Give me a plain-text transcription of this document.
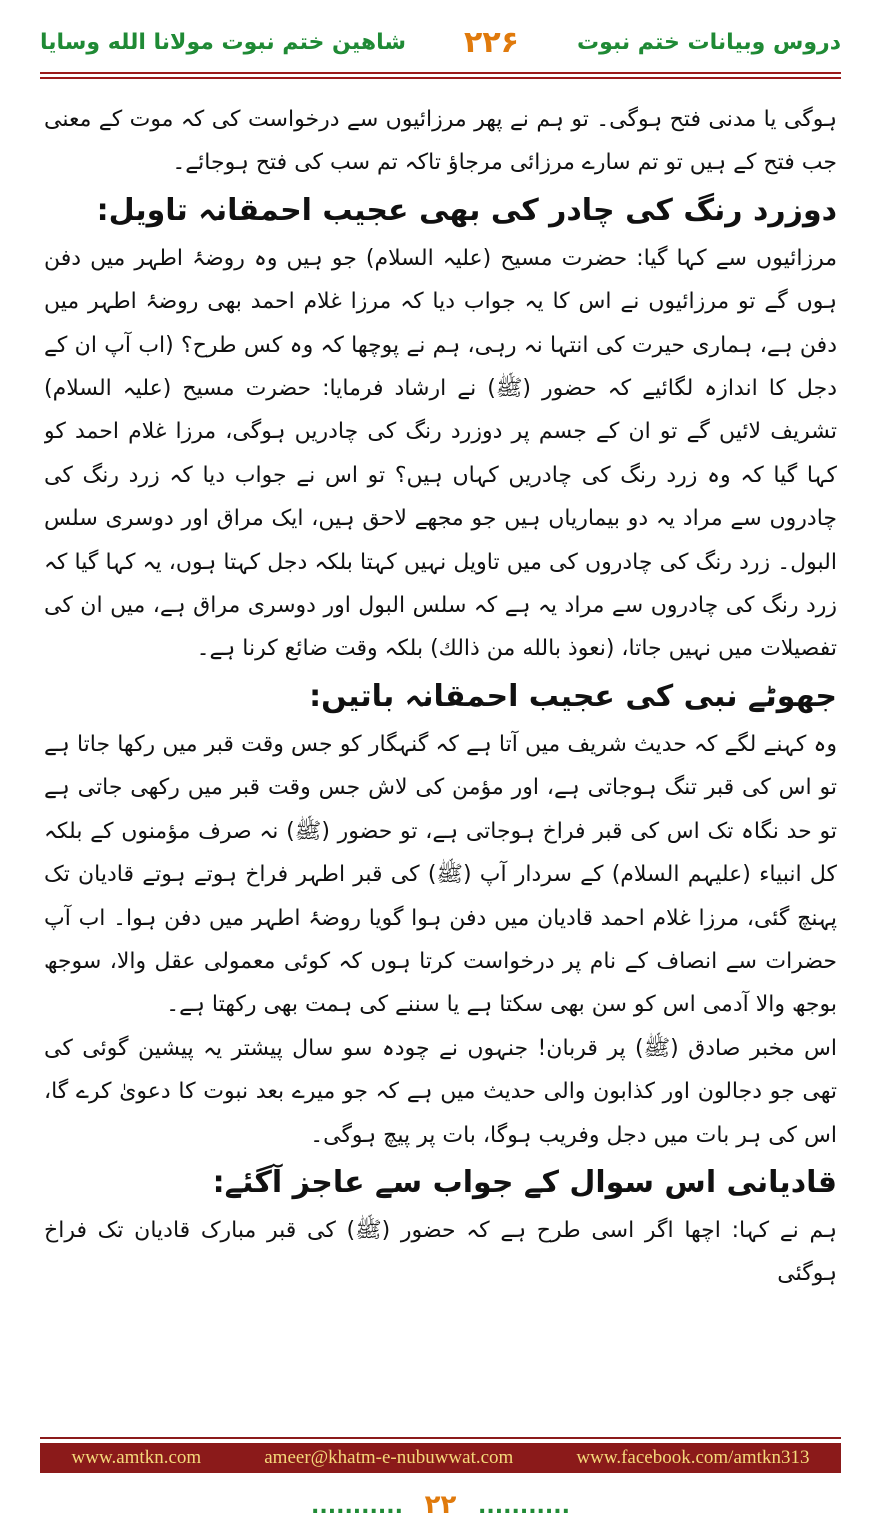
شاهین ختم نبوت مولانا الله وسایا ۲۲۶	دروس وبیانات ختم نبوت

ہوگی یا مدنی فتح ہوگی۔ تو ہم نے پھر مرزائیوں سے درخواست کی کہ موت کے معنی جب فتح کے ہیں تو تم سارے مرزائی مرجاؤ تاکہ تم سب کی فتح ہوجائے۔

دوزرد رنگ کی چادر کی بھی عجیب احمقانہ تاویل:

مرزائیوں سے کہا گیا: حضرت مسیح (علیہ السلام) جو ہیں وہ روضۂ اطہر میں دفن ہوں گے تو مرزائیوں نے اس کا یہ جواب دیا کہ مرزا غلام احمد بھی روضۂ اطہر میں دفن ہے، ہماری حیرت کی انتہا نہ رہی، ہم نے پوچھا کہ وہ کس طرح؟ (اب آپ ان کے دجل کا اندازہ لگائیے کہ حضور (ﷺ) نے ارشاد فرمایا: حضرت مسیح (علیہ السلام) تشریف لائیں گے تو ان کے جسم پر دوزرد رنگ کی چادریں ہوگی، مرزا غلام احمد کو کہا گیا کہ وہ زرد رنگ کی چادریں کہاں ہیں؟ تو اس نے جواب دیا کہ زرد رنگ کی چادروں سے مراد یہ دو بیماریاں ہیں جو مجھے لاحق ہیں، ایک مراق اور دوسری سلس البول۔ زرد رنگ کی چادروں کی میں تاویل نہیں کہتا بلکہ دجل کہتا ہوں، یہ کہا گیا کہ زرد رنگ کی چادروں سے مراد یہ ہے کہ سلس البول اور دوسری مراق ہے، میں ان کی تفصیلات میں نہیں جاتا، (نعوذ بالله من ذالك) بلکہ وقت ضائع کرنا ہے۔

جھوٹے نبی کی عجیب احمقانہ باتیں:

وہ کہنے لگے کہ حدیث شریف میں آتا ہے کہ گنہگار کو جس وقت قبر میں رکھا جاتا ہے تو اس کی قبر تنگ ہوجاتی ہے، اور مؤمن کی لاش جس وقت قبر میں رکھی جاتی ہے تو حد نگاہ تک اس کی قبر فراخ ہوجاتی ہے، تو حضور (ﷺ) نہ صرف مؤمنوں کے بلکہ کل انبیاء (علیہم السلام) کے سردار آپ (ﷺ) کی قبر اطہر فراخ ہوتے ہوتے قادیان تک پہنچ گئی، مرزا غلام احمد قادیان میں دفن ہوا گویا روضۂ اطہر میں دفن ہوا۔ اب آپ حضرات سے انصاف کے نام پر درخواست کرتا ہوں کہ کوئی معمولی عقل والا، سوجھ بوجھ والا آدمی اس کو سن بھی سکتا ہے یا سننے کی ہمت بھی رکھتا ہے۔

اس مخبر صادق (ﷺ) پر قربان! جنہوں نے چودہ سو سال پیشتر یہ پیشین گوئی کی تھی جو دجالون اور کذابون والی حدیث میں ہے کہ جو میرے بعد نبوت کا دعویٰ کرے گا، اس کی ہر بات میں دجل وفریب ہوگا، بات پر پیچ ہوگی۔

قادیانی اس سوال کے جواب سے عاجز آگئے:

ہم نے کہا: اچھا اگر اسی طرح ہے کہ حضور (ﷺ) کی قبر مبارک قادیان تک فراخ ہوگئی

www.amtkn.com	ameer@khatm-e-nubuwwat.com	www.facebook.com/amtkn313
........... ۲۲ ...........
